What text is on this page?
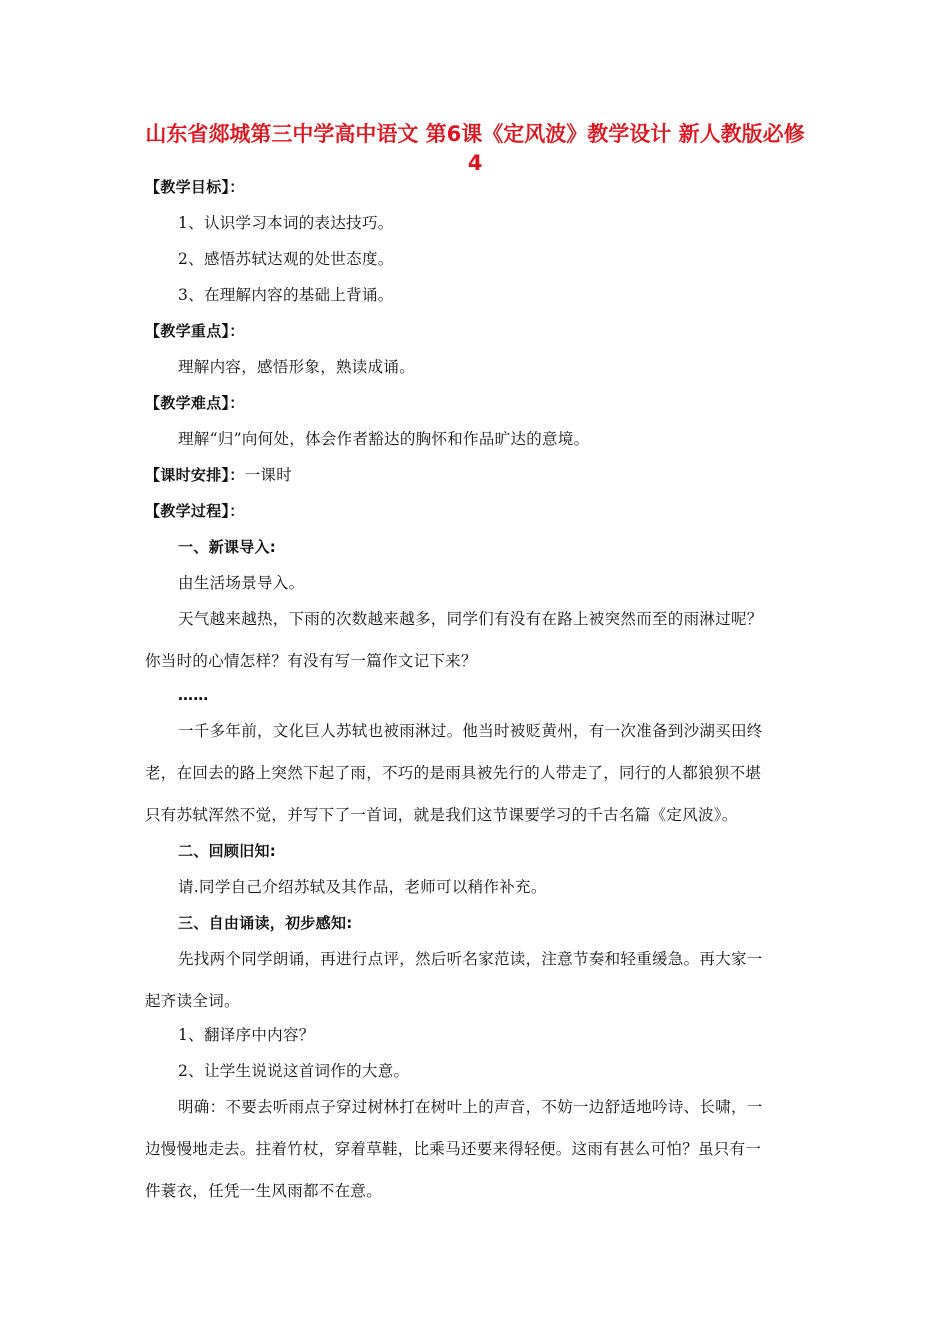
山东省郯城第三中学高中语文 第6课《定风波》教学设计 新人教版必修4
【教学目标】：
1、认识学习本词的表达技巧。
2、感悟苏轼达观的处世态度。
3、在理解内容的基础上背诵。
【教学重点】：
理解内容，感悟形象，熟读成诵。
【教学难点】：
理解“归”向何处，体会作者豁达的胸怀和作品旷达的意境。
【课时安排】：一课时
【教学过程】：
一、新课导入:
由生活场景导入。
天气越来越热，下雨的次数越来越多，同学们有没有在路上被突然而至的雨淋过呢？
你当时的心情怎样？有没有写一篇作文记下来？
……
一千多年前，文化巨人苏轼也被雨淋过。他当时被贬黄州，有一次准备到沙湖买田终
老，在回去的路上突然下起了雨，不巧的是雨具被先行的人带走了，同行的人都狼狈不堪
只有苏轼浑然不觉，并写下了一首词，就是我们这节课要学习的千古名篇《定风波》。
二、回顾旧知:
请.同学自己介绍苏轼及其作品，老师可以稍作补充。
三、自由诵读，初步感知:
先找两个同学朗诵，再进行点评，然后听名家范读，注意节奏和轻重缓急。再大家一
起齐读全词。
1、翻译序中内容？
2、让学生说说这首词作的大意。
明确：不要去听雨点子穿过树林打在树叶上的声音，不妨一边舒适地吟诗、长啸，一
边慢慢地走去。拄着竹杖，穿着草鞋，比乘马还要来得轻便。这雨有甚么可怕？虽只有一
件蓑衣，任凭一生风雨都不在意。
